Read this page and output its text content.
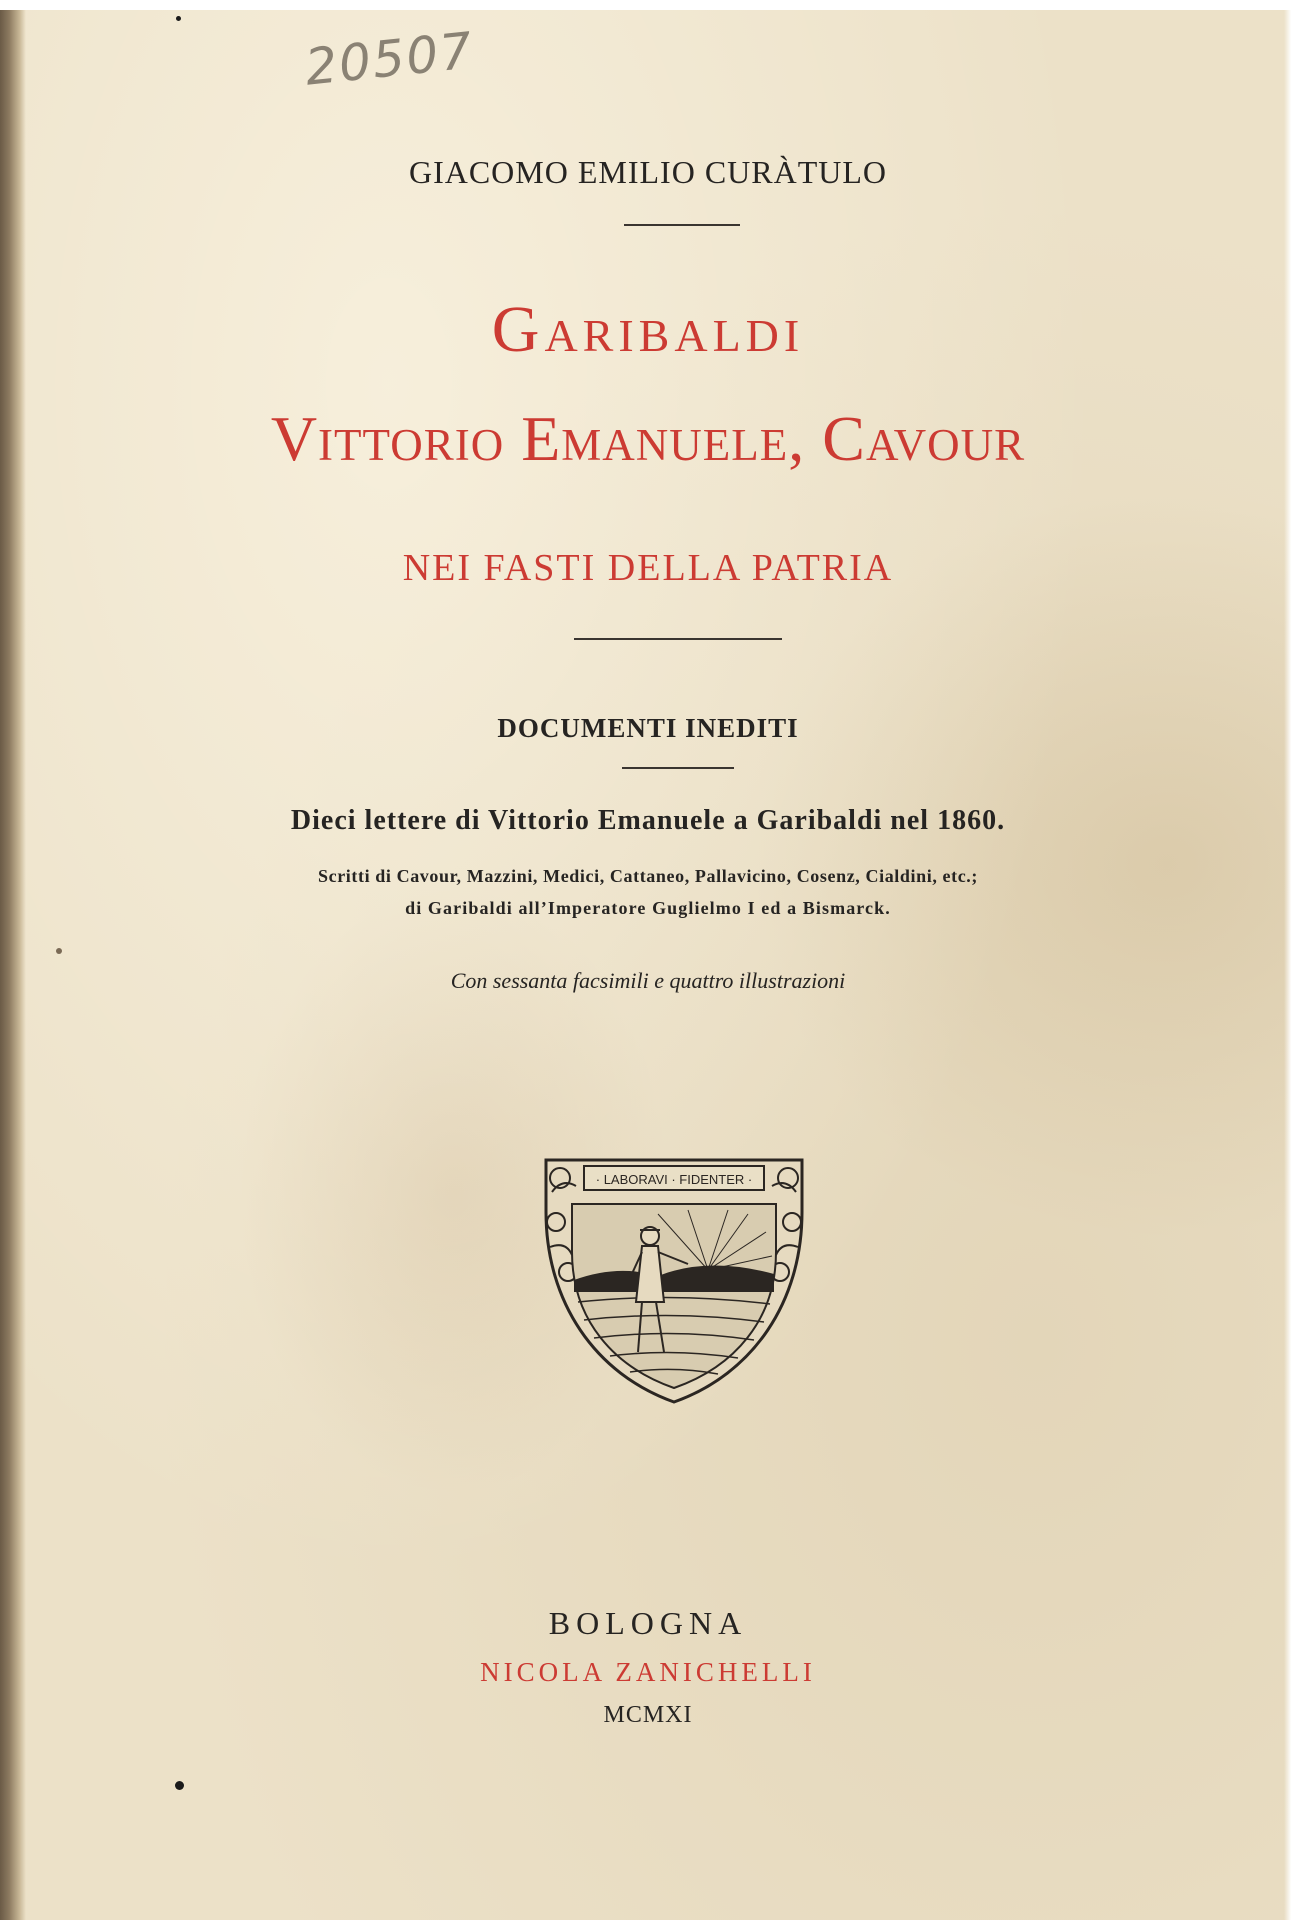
20507
GIACOMO EMILIO CURÀTULO
Garibaldi
Vittorio Emanuele, Cavour
NEI FASTI DELLA PATRIA
DOCUMENTI INEDITI
Dieci lettere di Vittorio Emanuele a Garibaldi nel 1860.
Scritti di Cavour, Mazzini, Medici, Cattaneo, Pallavicino, Cosenz, Cialdini, etc.;
di Garibaldi all’Imperatore Guglielmo I ed a Bismarck.
Con sessanta facsimili e quattro illustrazioni
· LABORAVI · FIDENTER ·
BOLOGNA
NICOLA ZANICHELLI
MCMXI
